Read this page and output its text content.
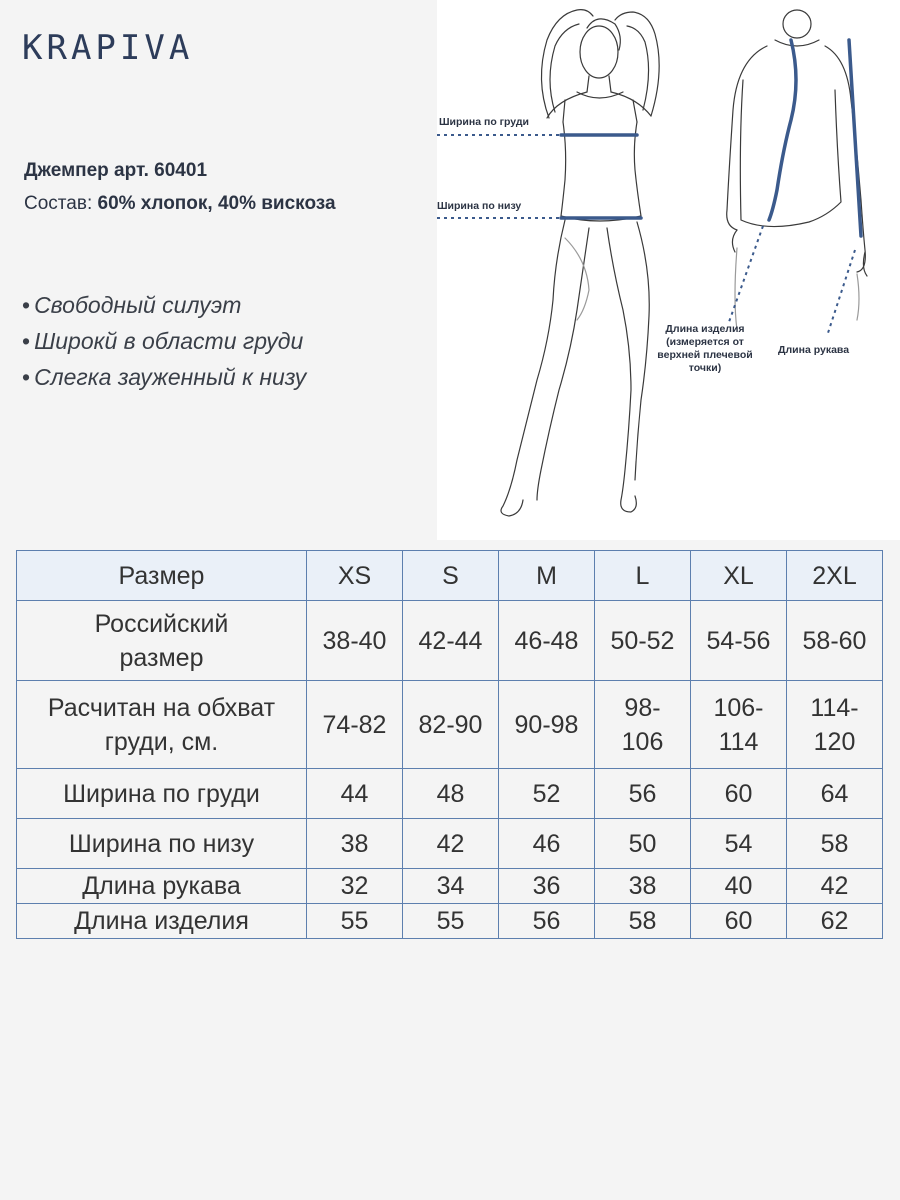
KRAPIVA
Джемпер арт. 60401
Состав: 60% хлопок, 40% вискоза
• Свободный силуэт
• Широкй в области груди
• Слегка зауженный к низу
Ширина по груди
Ширина по низу
Длина изделия
(измеряется от
верхней плечевой
точки)
Длина рукава
Размер	XS	S	M	L	XL	2XL
Российский
размер	38-40	42-44	46-48	50-52	54-56	58-60
Расчитан на обхват
груди, см.	74-82	82-90	90-98	98-106	106-114	114-120
Ширина по груди	44	48	52	56	60	64
Ширина по низу	38	42	46	50	54	58
Длина рукава	32	34	36	38	40	42
Длина изделия	55	55	56	58	60	62
